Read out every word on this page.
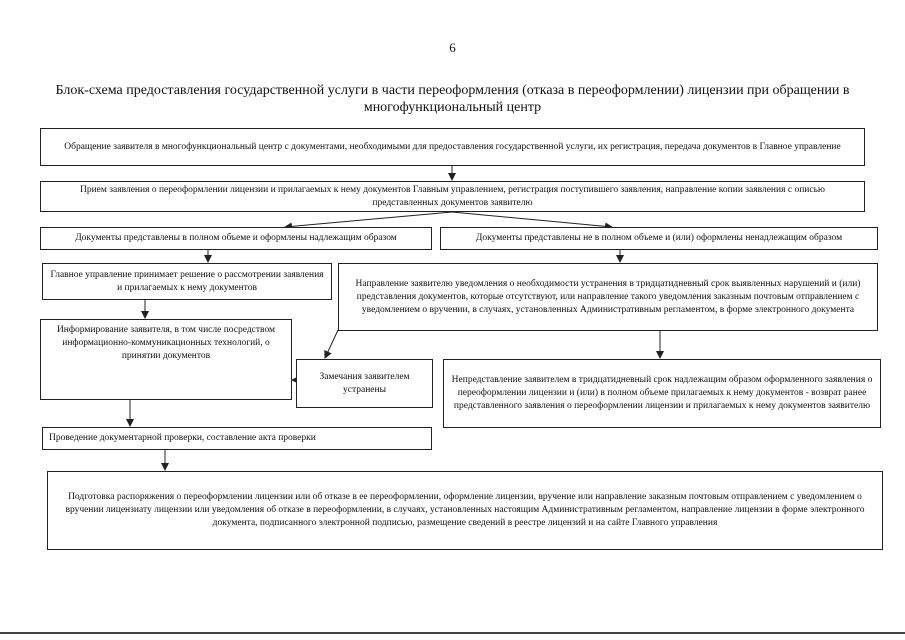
6
Блок-схема предоставления государственной услуги в части переоформления (отказа в переоформлении) лицензии при обращении в многофункциональный центр
Обращение заявителя в многофункциональный центр с документами, необходимыми для предоставления государственной услуги, их регистрация, передача документов в Главное управление
Прием заявления о переоформлении лицензии и прилагаемых к нему документов Главным управлением, регистрация поступившего заявления, направление копии заявления с описью представленных документов заявителю
Документы представлены в полном объеме и оформлены надлежащим образом	Документы представлены не в полном объеме и (или) оформлены ненадлежащим образом
Главное управление принимает решение о рассмотрении заявления и прилагаемых к нему документов	Направление заявителю уведомления о необходимости устранения в тридцатидневный срок выявленных нарушений и (или) представления документов, которые отсутствуют, или направление такого уведомления заказным почтовым отправлением с уведомлением о вручении, в случаях, установленных Административным регламентом, в форме электронного документа
Информирование заявителя, в том числе посредством информационно-коммуникационных технологий, о принятии документов
Замечания заявителем устранены
Непредставление заявителем в тридцатидневный срок надлежащим образом оформленного заявления о переоформлении лицензии и (или) в полном объеме прилагаемых к нему документов - возврат ранее представленного заявления о переоформлении лицензии и прилагаемых к нему документов заявителю
Проведение документарной проверки, составление акта проверки
Подготовка распоряжения о переоформлении лицензии или об отказе в ее переоформлении, оформление лицензии, вручение или направление заказным почтовым отправлением с уведомлением о вручении лицензиату лицензии или уведомления об отказе в переоформлении, в случаях, установленных настоящим Административным регламентом, направление лицензии в форме электронного документа, подписанного электронной подписью, размещение сведений в реестре лицензий и на сайте Главного управления
